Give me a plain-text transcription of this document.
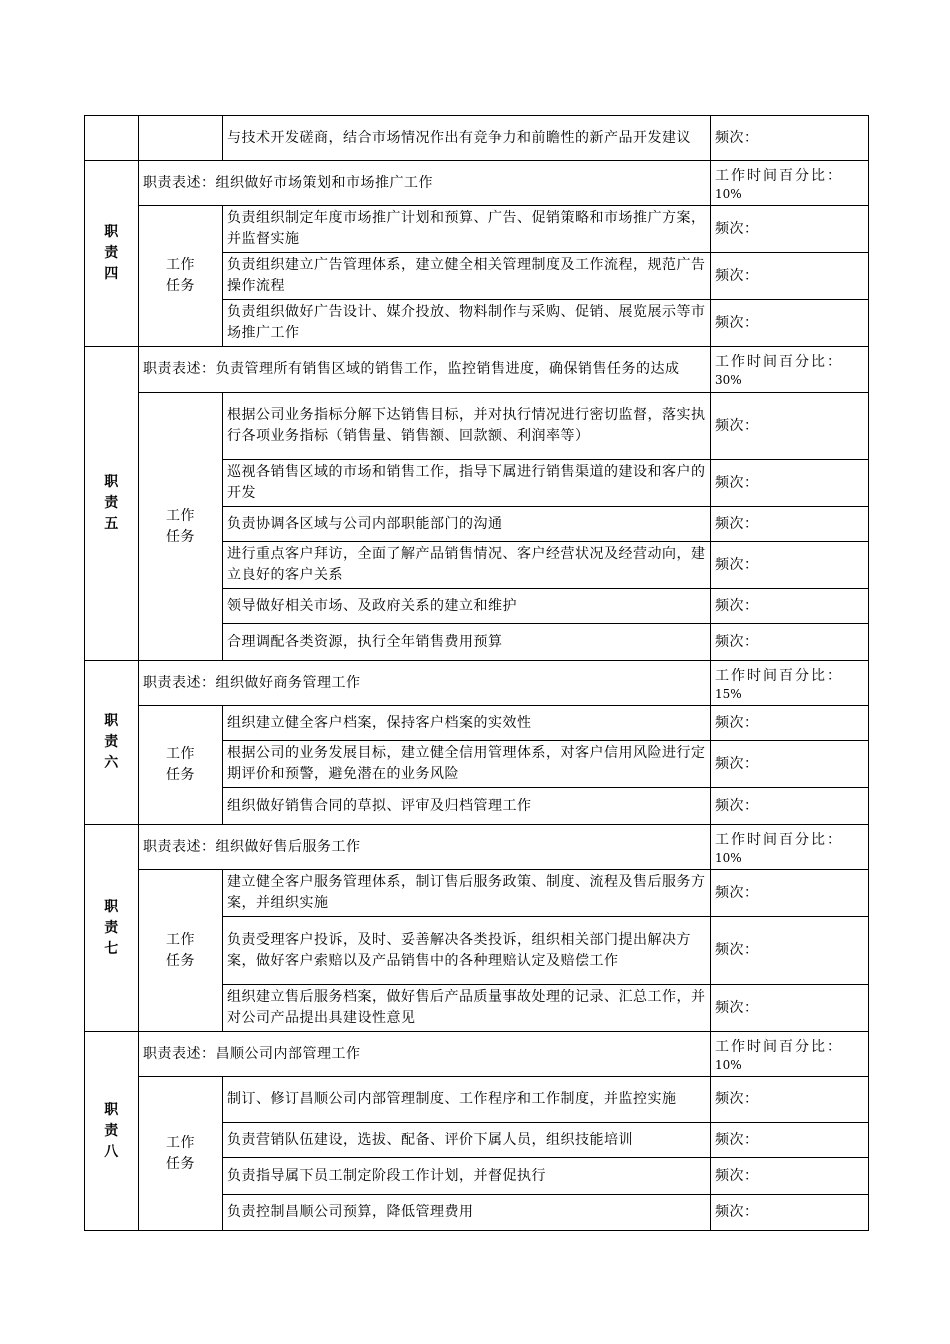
		与技术开发磋商，结合市场情况作出有竞争力和前瞻性的新产品开发建议	频次：
职
责
四	职责表述：组织做好市场策划和市场推广工作		工作时间百分比：
10%

	工作
任务	负责组织制定年度市场推广计划和预算、广告、促销策略和市场推广方案，并监督实施	频次：
		负责组织建立广告管理体系，建立健全相关管理制度及工作流程，规范广告操作流程	频次：
		负责组织做好广告设计、媒介投放、物料制作与采购、促销、展览展示等市场推广工作	频次：
职
责
五	职责表述：负责管理所有销售区域的销售工作，监控销售进度，确保销售任务的达成		工作时间百分比：
30%

	工作
任务	根据公司业务指标分解下达销售目标，并对执行情况进行密切监督，落实执行各项业务指标（销售量、销售额、回款额、利润率等）	频次：
		巡视各销售区域的市场和销售工作，指导下属进行销售渠道的建设和客户的开发	频次：
		负责协调各区域与公司内部职能部门的沟通	频次：
		进行重点客户拜访，全面了解产品销售情况、客户经营状况及经营动向，建立良好的客户关系	频次：
		领导做好相关市场、及政府关系的建立和维护	频次：
		合理调配各类资源，执行全年销售费用预算	频次：
职
责
六	职责表述：组织做好商务管理工作		工作时间百分比：
15%

	工作
任务	组织建立健全客户档案，保持客户档案的实效性	频次：
		根据公司的业务发展目标，建立健全信用管理体系，对客户信用风险进行定期评价和预警，避免潜在的业务风险	频次：
		组织做好销售合同的草拟、评审及归档管理工作	频次：
职
责
七	职责表述：组织做好售后服务工作		工作时间百分比：
10%

	工作
任务	建立健全客户服务管理体系，制订售后服务政策、制度、流程及售后服务方案，并组织实施	频次：
		负责受理客户投诉，及时、妥善解决各类投诉，组织相关部门提出解决方案，做好客户索赔以及产品销售中的各种理赔认定及赔偿工作	频次：
		组织建立售后服务档案，做好售后产品质量事故处理的记录、汇总工作，并对公司产品提出具建设性意见	频次：
职
责
八	职责表述：昌顺公司内部管理工作		工作时间百分比：
10%

	工作
任务	制订、修订昌顺公司内部管理制度、工作程序和工作制度，并监控实施	频次：
		负责营销队伍建设，选拔、配备、评价下属人员，组织技能培训	频次：
		负责指导属下员工制定阶段工作计划，并督促执行	频次：
		负责控制昌顺公司预算，降低管理费用	频次：
